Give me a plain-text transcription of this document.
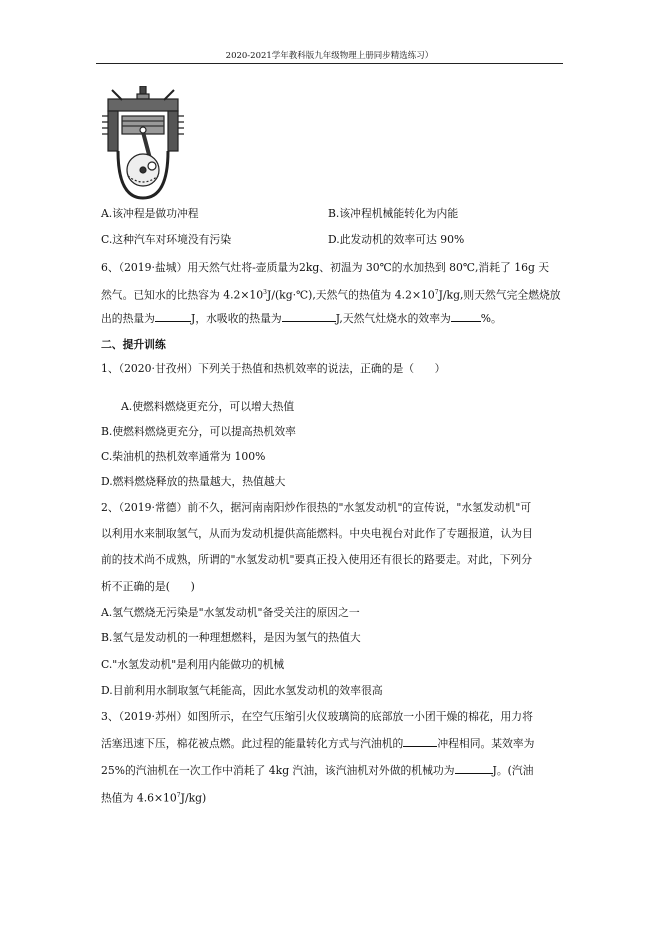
2020-2021学年教科版九年级物理上册同步精选练习）
A.该冲程是做功冲程	B.该冲程机械能转化为内能
C.这种汽车对环境没有污染	D.此发动机的效率可达 90%
6、（2019·盐城）用天然气灶将-壶质量为2kg、初温为 30℃的水加热到 80℃,消耗了 16g 天
然气。已知水的比热容为 $4.2\times 10^3J/(kg\cdot℃)$,天然气的热值为 $4.2\times 10^7J/kg$,则天然气完全燃烧放
出的热量为	J，水吸收的热量为	J,天然气灶烧水的效率为	%。
二、提升训练
1、（2020·甘孜州）下列关于热值和热机效率的说法，正确的是（      ）
A.使燃料燃烧更充分，可以增大热值
B.使燃料燃烧更充分，可以提高热机效率
C.柴油机的热机效率通常为 100%
D.燃料燃烧释放的热量越大，热值越大
2、（2019·常德）前不久，据河南南阳炒作很热的"水氢发动机"的宣传说，"水氢发动机"可
以利用水来制取氢气，从而为发动机提供高能燃料。中央电视台对此作了专题报道，认为目
前的技术尚不成熟，所谓的"水氢发动机"要真正投入使用还有很长的路要走。对此，下列分
析不正确的是(      )
A.氢气燃烧无污染是"水氢发动机"备受关注的原因之一
B.氢气是发动机的一种理想燃料，是因为氢气的热值大
C."水氢发动机"是利用内能做功的机械
D.目前利用水制取氢气耗能高，因此水氢发动机的效率很高
3、（2019·苏州）如图所示，在空气压缩引火仪玻璃筒的底部放一小团干燥的棉花，用力将
活塞迅速下压，棉花被点燃。此过程的能量转化方式与汽油机的	冲程相同。某效率为
25%的汽油机在一次工作中消耗了 4kg 汽油，该汽油机对外做的机械功为	J。(汽油
热值为 $4.6\times 10^7J/kg$)
